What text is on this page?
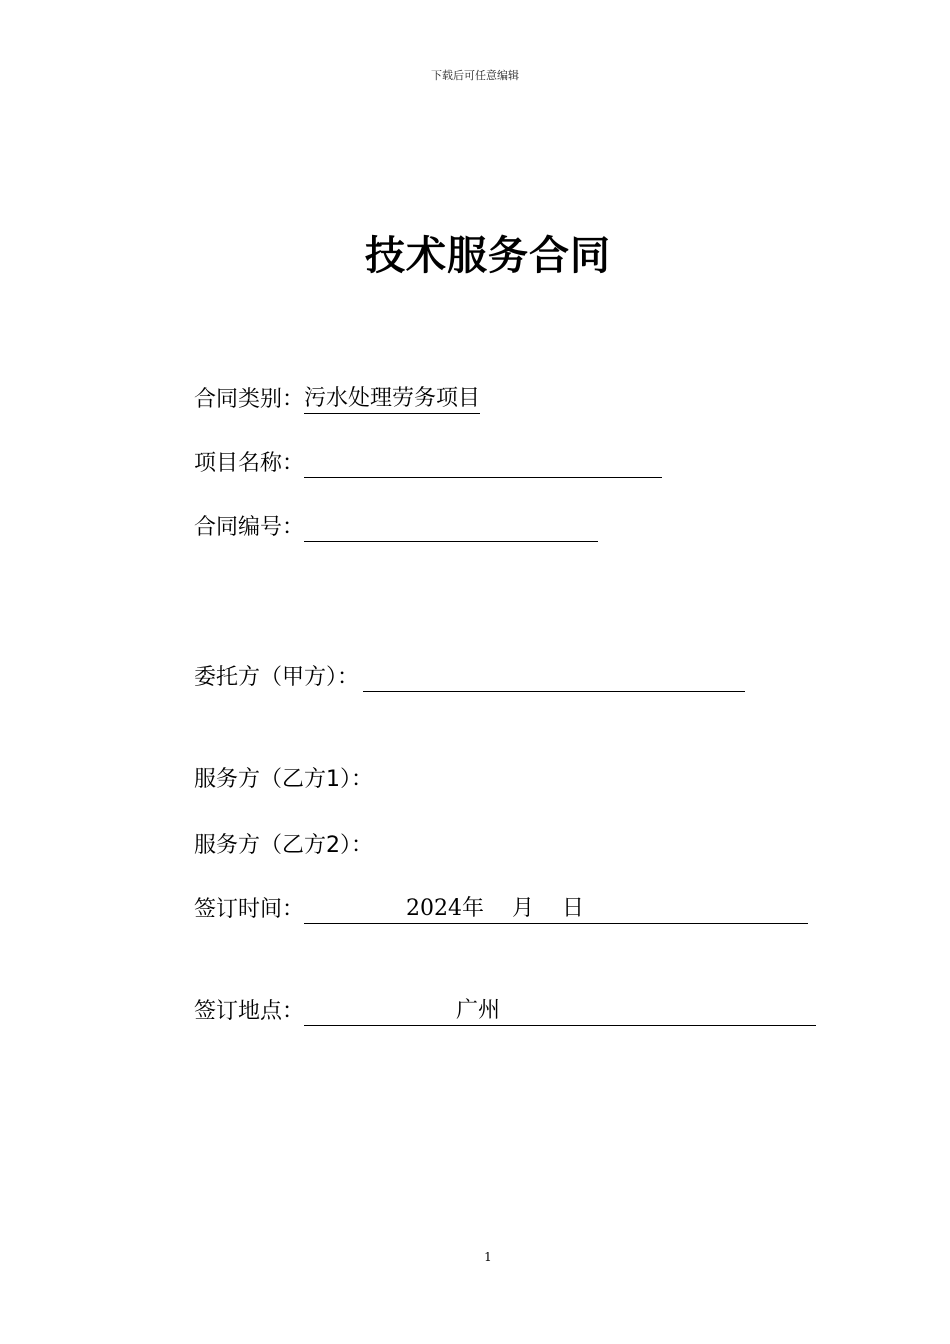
下载后可任意编辑
技术服务合同
合同类别： 污水处理劳务项目
项目名称：
合同编号：
委托方（甲方）：
服务方（乙方1）：
服务方（乙方2）：
签订时间：	2024 年 月 日
签订地点：	广州
1
